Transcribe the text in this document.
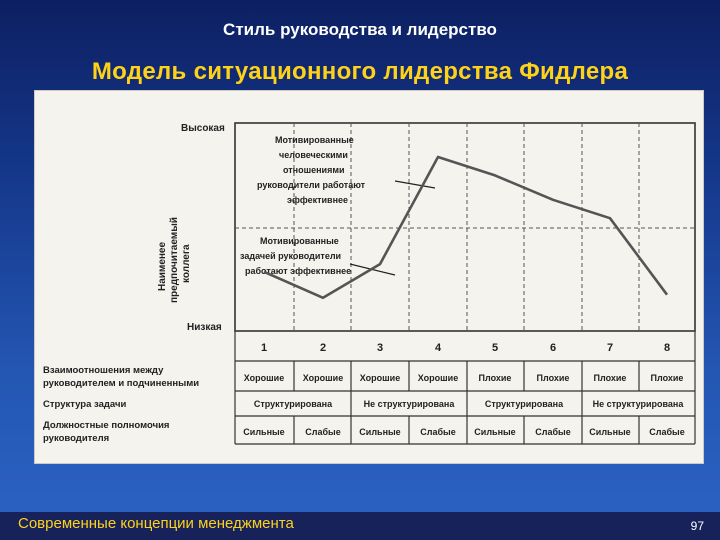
Стиль руководства и лидерство
Модель ситуационного лидерства Фидлера
Высокая
Низкая
Наименее предпочитаемый коллега
Мотивированные
человеческими
отношениями
руководители работают
эффективнее
Мотивированные
задачей руководители
работают эффективнее
1	2	3	4	5	6	7	8
Взаимоотношения между
руководителем и подчиненными
Структура задачи
Должностные полномочия
руководителя
Хорошие Хорошие Хорошие Хорошие Плохие	Плохие	Плохие	Плохие
Структурирована	Не структурирована	Структурирована	Не структурирована
Сильные Слабые Сильные Слабые Сильные Слабые Сильные Слабые
Современные концепции менеджмента	97
